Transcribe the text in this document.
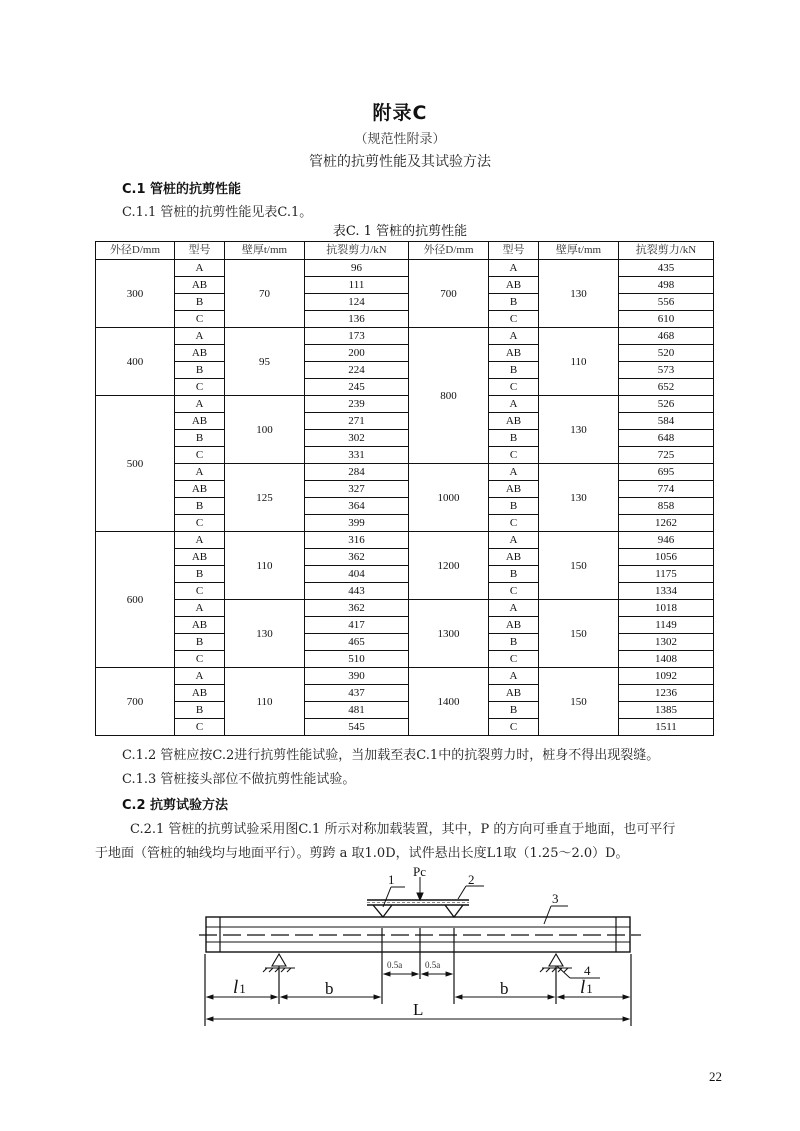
附录C
（规范性附录）
管桩的抗剪性能及其试验方法
C.1 管桩的抗剪性能
C.1.1 管桩的抗剪性能见表C.1。
表C. 1 管桩的抗剪性能
外径D/mm	型号	壁厚t/mm	抗裂剪力/kN	外径D/mm	型号	壁厚t/mm	抗裂剪力/kN
300	A	70	96	700	A	130	435
	AB		111		AB		498
	B		124		B		556
	C		136		C		610
400	A	95	173	800	A	110	468
	AB		200		AB		520
	B		224		B		573
	C		245		C		652
500	A	100	239		A	130	526
	AB		271		AB		584
	B		302		B		648
	C		331		C		725
	A	125	284	1000	A	130	695
	AB		327		AB		774
	B		364		B		858
	C		399		C		1262
600	A	110	316	1200	A	150	946
	AB		362		AB		1056
	B		404		B		1175
	C		443		C		1334
	A	130	362	1300	A	150	1018
	AB		417		AB		1149
	B		465		B		1302
	C		510		C		1408
700	A	110	390	1400	A	150	1092
	AB		437		AB		1236
	B		481		B		1385
	C		545		C		1511
C.1.2 管桩应按C.2进行抗剪性能试验，当加载至表C.1中的抗裂剪力时，桩身不得出现裂缝。
C.1.3 管桩接头部位不做抗剪性能试验。
C.2 抗剪试验方法
C.2.1 管桩的抗剪试验采用图C.1 所示对称加载装置，其中，P 的方向可垂直于地面，也可平行
于地面（管桩的轴线均与地面平行）。剪跨 a 取1.0D，试件悬出长度L1取（1.25～2.0）D。
Pc
1	2
3
4
0.5a	0.5a
l1	b	b	l1
L
22
